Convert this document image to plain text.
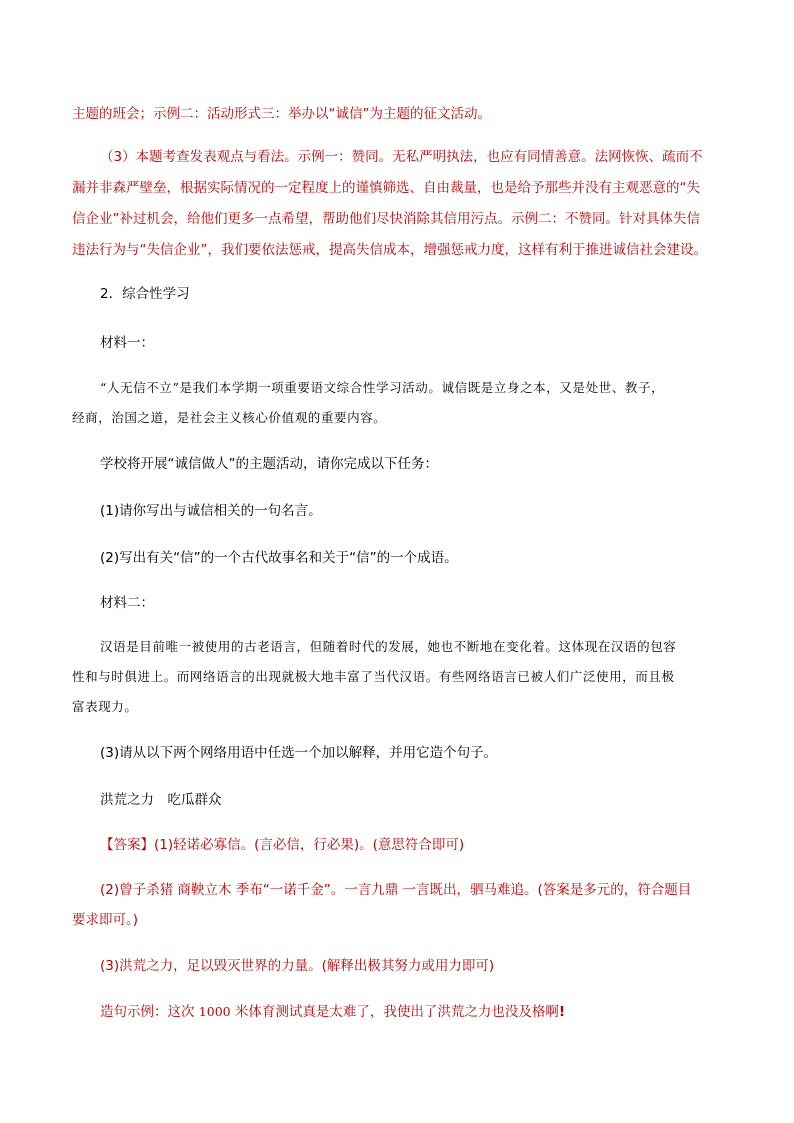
主题的班会；示例二：活动形式三：举办以“诚信”为主题的征文活动。
（3）本题考查发表观点与看法。示例一：赞同。无私严明执法，也应有同情善意。法网恢恢、疏而不
漏并非森严壁垒，根据实际情况的一定程度上的谨慎筛选、自由裁量，也是给予那些并没有主观恶意的“失
信企业”补过机会，给他们更多一点希望，帮助他们尽快消除其信用污点。示例二：不赞同。针对具体失信
违法行为与“失信企业”，我们要依法惩戒，提高失信成本，增强惩戒力度，这样有利于推进诚信社会建设。
2．综合性学习
材料一：
“人无信不立”是我们本学期一项重要语文综合性学习活动。诚信既是立身之本，又是处世、教子，
经商，治国之道，是社会主义核心价值观的重要内容。
学校将开展“诚信做人”的主题活动，请你完成以下任务：
(1)请你写出与诚信相关的一句名言。
(2)写出有关“信”的一个古代故事名和关于“信”的一个成语。
材料二：
汉语是目前唯一被使用的古老语言，但随着时代的发展，她也不断地在变化着。这体现在汉语的包容
性和与时俱进上。而网络语言的出现就极大地丰富了当代汉语。有些网络语言已被人们广泛使用，而且极
富表现力。
(3)请从以下两个网络用语中任选一个加以解释，并用它造个句子。
洪荒之力　吃瓜群众
【答案】(1)轻诺必寡信。(言必信，行必果)。(意思符合即可)
(2)曾子杀猪 商鞅立木 季布“一诺千金”。一言九鼎 一言既出，驷马难追。(答案是多元的，符合题目
要求即可。)
(3)洪荒之力，足以毁灭世界的力量。(解释出极其努力或用力即可)
造句示例：这次 1000 米体育测试真是太难了，我使出了洪荒之力也没及格啊!
